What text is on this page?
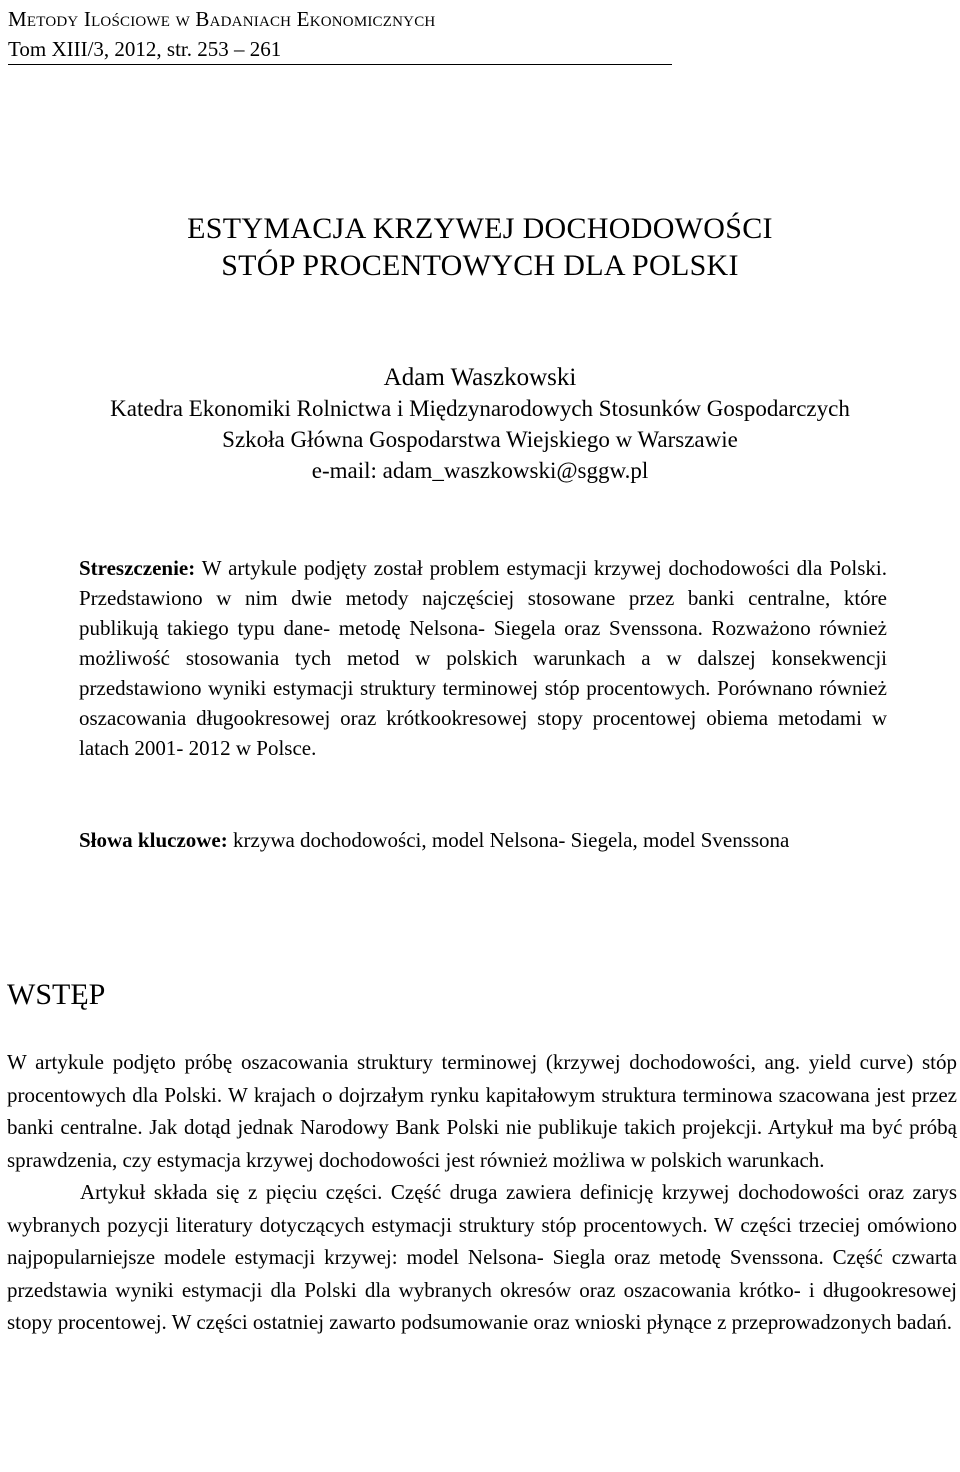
Metody Ilościowe w Badaniach Ekonomicznych
Tom XIII/3, 2012, str. 253 – 261
ESTYMACJA KRZYWEJ DOCHODOWOŚCI
STÓP PROCENTOWYCH DLA POLSKI
Adam Waszkowski
Katedra Ekonomiki Rolnictwa i Międzynarodowych Stosunków Gospodarczych
Szkoła Główna Gospodarstwa Wiejskiego w Warszawie
e-mail: adam_waszkowski@sggw.pl
Streszczenie: W artykule podjęty został problem estymacji krzywej dochodowości dla Polski. Przedstawiono w nim dwie metody najczęściej stosowane przez banki centralne, które publikują takiego typu dane- metodę Nelsona- Siegela oraz Svenssona. Rozważono również możliwość stosowania tych metod w polskich warunkach a w dalszej konsekwencji przedstawiono wyniki estymacji struktury terminowej stóp procentowych. Porównano również oszacowania długookresowej oraz krótkookresowej stopy procentowej obiema metodami w latach 2001- 2012 w Polsce.
Słowa kluczowe: krzywa dochodowości, model Nelsona- Siegela, model Svenssona
WSTĘP

W artykule podjęto próbę oszacowania struktury terminowej (krzywej dochodowości, ang. yield curve) stóp procentowych dla Polski. W krajach o dojrzałym rynku kapitałowym struktura terminowa szacowana jest przez banki centralne. Jak dotąd jednak Narodowy Bank Polski nie publikuje takich projekcji. Artykuł ma być próbą sprawdzenia, czy estymacja krzywej dochodowości jest również możliwa w polskich warunkach.

Artykuł składa się z pięciu części. Część druga zawiera definicję krzywej dochodowości oraz zarys wybranych pozycji literatury dotyczących estymacji struktury stóp procentowych. W części trzeciej omówiono najpopularniejsze modele estymacji krzywej: model Nelsona- Siegla oraz metodę Svenssona. Część czwarta przedstawia wyniki estymacji dla Polski dla wybranych okresów oraz oszacowania krótko- i długookresowej stopy procentowej. W części ostatniej zawarto podsumowanie oraz wnioski płynące z przeprowadzonych badań.
